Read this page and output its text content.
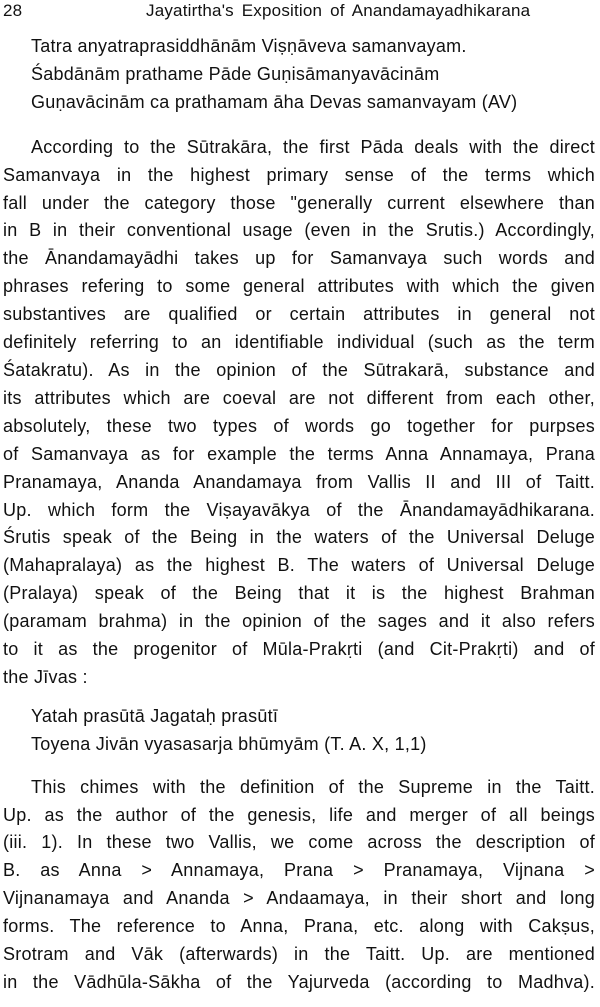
28	Jayatirtha's Exposition of Anandamayadhikarana

Tatra anyatraprasiddhānām Viṣṇāveva samanvayam.

Śabdānām prathame Pāde Guṇisāmanyavācinām

Guṇavācinām ca prathamam āha Devas samanvayam (AV)

According to the Sūtrakāra, the first Pāda deals with the direct

Samanvaya in the highest primary sense of the terms which

fall under the category those "generally current elsewhere than

in B in their conventional usage (even in the Srutis.) Accordingly,

the Ānandamayādhi takes up for Samanvaya such words and

phrases refering to some general attributes with which the given

substantives are qualified or certain attributes in general not

definitely referring to an identifiable individual (such as the term

Śatakratu). As in the opinion of the Sūtrakarā, substance and

its attributes which are coeval are not different from each other,

absolutely, these two types of words go together for purpses

of Samanvaya as for example the terms Anna Annamaya, Prana

Pranamaya, Ananda Anandamaya from Vallis II and III of Taitt.

Up. which form the Viṣayavākya of the Ānandamayādhikarana.

Śrutis speak of the Being in the waters of the Universal Deluge

(Mahapralaya) as the highest B. The waters of Universal Deluge

(Pralaya) speak of the Being that it is the highest Brahman

(paramam brahma) in the opinion of the sages and it also refers

to it as the progenitor of Mūla-Prakṛti (and Cit-Prakṛti) and of

the Jīvas :

Yatah prasūtā Jagataḥ prasūtī

Toyena Jivān vyasasarja bhūmyām (T. A. X, 1,1)

This chimes with the definition of the Supreme in the Taitt.

Up. as the author of the genesis, life and merger of all beings

(iii. 1). In these two Vallis, we come across the description of

B. as Anna > Annamaya, Prana > Pranamaya, Vijnana >

Vijnanamaya and Ananda > Andaamaya, in their short and long

forms. The reference to Anna, Prana, etc. along with Cakṣus,

Srotram and Vāk (afterwards) in the Taitt. Up. are mentioned

in the Vādhūla-Sākha of the Yajurveda (according to Madhva).
